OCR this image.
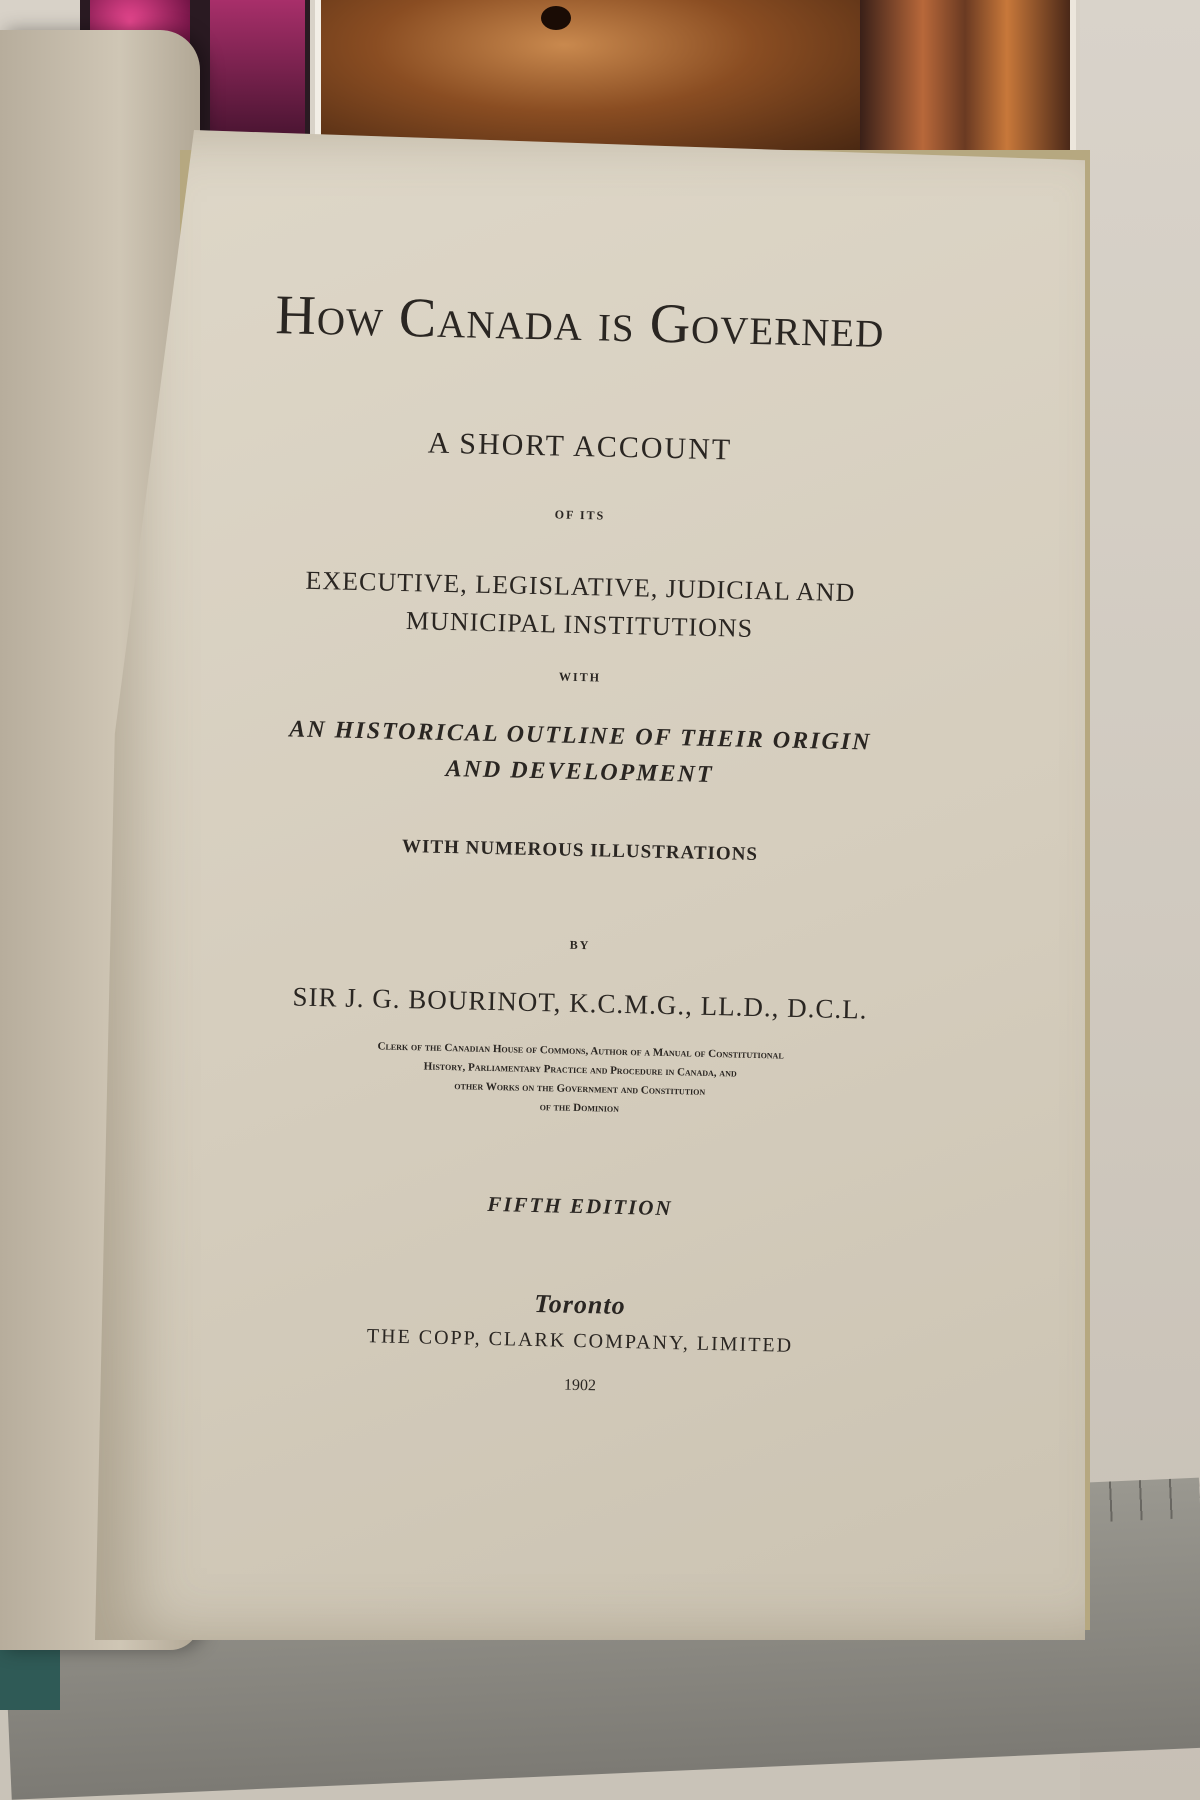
How Canada is Governed
A SHORT ACCOUNT
OF ITS
EXECUTIVE, LEGISLATIVE, JUDICIAL AND
MUNICIPAL INSTITUTIONS
WITH
AN HISTORICAL OUTLINE OF THEIR ORIGIN
AND DEVELOPMENT
WITH NUMEROUS ILLUSTRATIONS
BY
SIR J. G. BOURINOT, K.C.M.G., LL.D., D.C.L.
Clerk of the Canadian House of Commons, Author of a Manual of Constitutional
History, Parliamentary Practice and Procedure in Canada, and
other Works on the Government and Constitution
of the Dominion
FIFTH EDITION
Toronto
THE COPP, CLARK COMPANY, LIMITED
1902
